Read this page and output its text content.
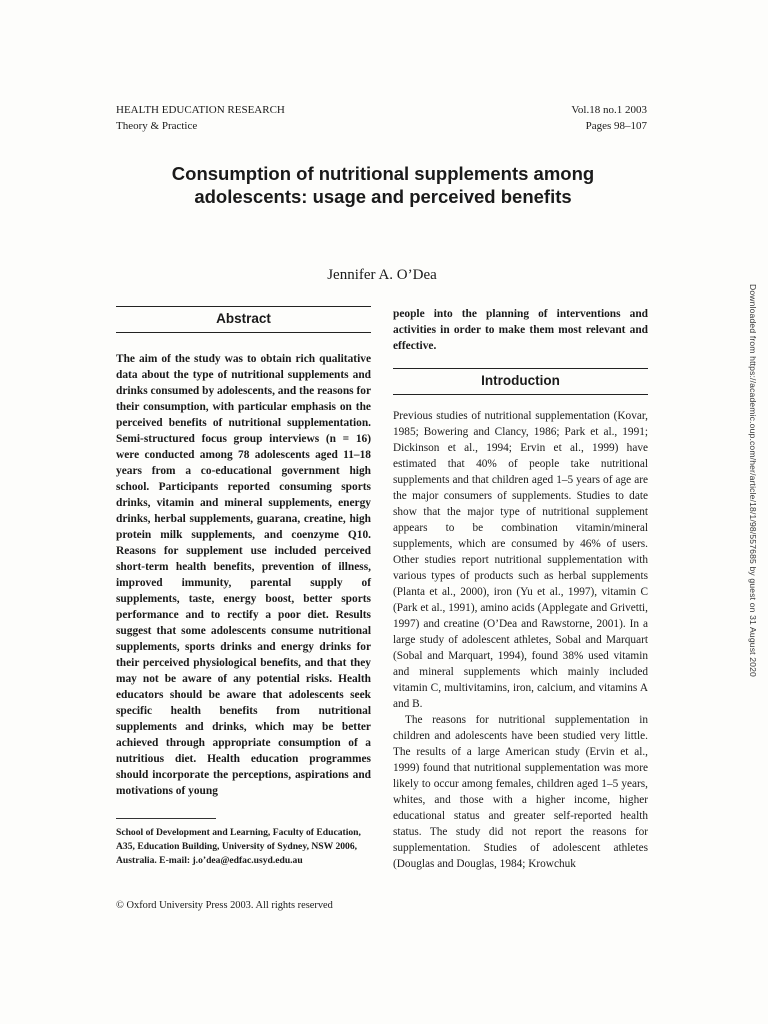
HEALTH EDUCATION RESEARCH
Theory & Practice
Vol.18 no.1 2003
Pages 98–107
Consumption of nutritional supplements among
adolescents: usage and perceived benefits
Jennifer A. O’Dea
Abstract

The aim of the study was to obtain rich qualitative data about the type of nutritional supplements and drinks consumed by adolescents, and the reasons for their consumption, with particular emphasis on the perceived benefits of nutritional supplementation. Semi-structured focus group interviews (n = 16) were conducted among 78 adolescents aged 11–18 years from a co-educational government high school. Participants reported consuming sports drinks, vitamin and mineral supplements, energy drinks, herbal supplements, guarana, creatine, high protein milk supplements, and coenzyme Q10. Reasons for supplement use included perceived short-term health benefits, prevention of illness, improved immunity, parental supply of supplements, taste, energy boost, better sports performance and to rectify a poor diet. Results suggest that some adolescents consume nutritional supplements, sports drinks and energy drinks for their perceived physiological benefits, and that they may not be aware of any potential risks. Health educators should be aware that adolescents seek specific health benefits from nutritional supplements and drinks, which may be better achieved through appropriate consumption of a nutritious diet. Health education programmes should incorporate the perceptions, aspirations and motivations of young

people into the planning of interventions and activities in order to make them most relevant and effective.

Introduction

Previous studies of nutritional supplementation (Kovar, 1985; Bowering and Clancy, 1986; Park et al., 1991; Dickinson et al., 1994; Ervin et al., 1999) have estimated that 40% of people take nutritional supplements and that children aged 1–5 years of age are the major consumers of supplements. Studies to date show that the major type of nutritional supplement appears to be combination vitamin/mineral supplements, which are consumed by 46% of users. Other studies report nutritional supplementation with various types of products such as herbal supplements (Planta et al., 2000), iron (Yu et al., 1997), vitamin C (Park et al., 1991), amino acids (Applegate and Grivetti, 1997) and creatine (O’Dea and Rawstorne, 2001). In a large study of adolescent athletes, Sobal and Marquart (Sobal and Marquart, 1994), found 38% used vitamin and mineral supplements which mainly included vitamin C, multivitamins, iron, calcium, and vitamins A and B.

The reasons for nutritional supplementation in children and adolescents have been studied very little. The results of a large American study (Ervin et al., 1999) found that nutritional supplementation was more likely to occur among females, children aged 1–5 years, whites, and those with a higher income, higher educational status and greater self-reported health status. The study did not report the reasons for supplementation. Studies of adolescent athletes (Douglas and Douglas, 1984; Krowchuk

School of Development and Learning, Faculty of Education, A35, Education Building, University of Sydney, NSW 2006, Australia. E-mail: j.o’dea@edfac.usyd.edu.au
© Oxford University Press 2003. All rights reserved
Downloaded from https://academic.oup.com/her/article/18/1/98/557685 by guest on 31 August 2020
